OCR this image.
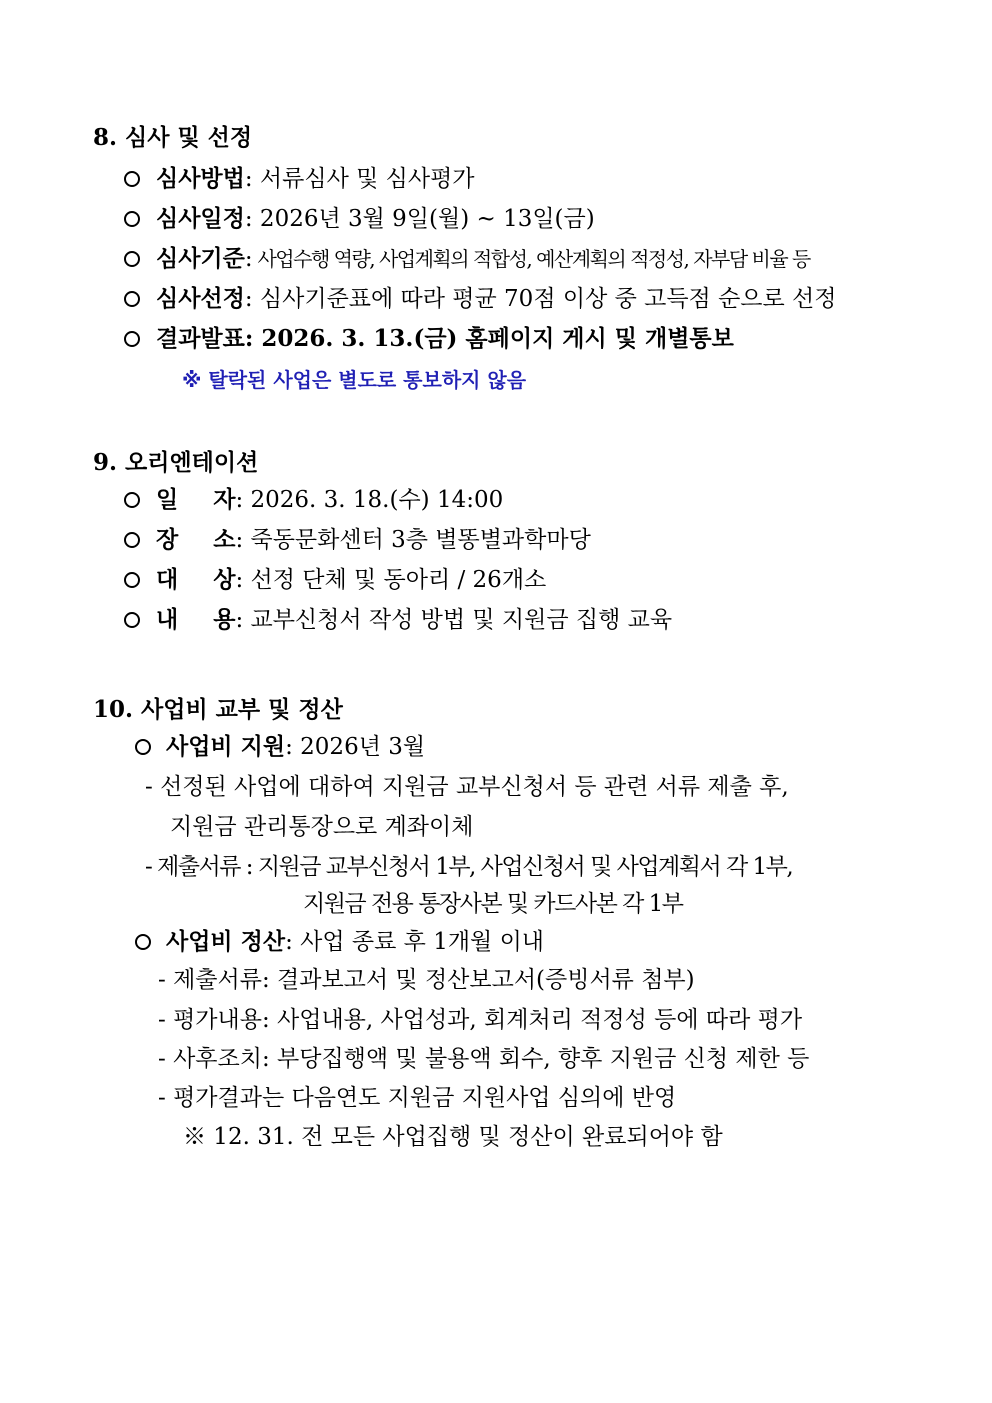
8. 심사 및 선정
심사방법: 서류심사 및 심사평가
심사일정: 2026년 3월 9일(월) ~ 13일(금)
심사기준: 사업수행 역량, 사업계획의 적합성, 예산계획의 적정성, 자부담 비율 등
심사선정: 심사기준표에 따라 평균 70점 이상 중 고득점 순으로 선정
결과발표: 2026. 3. 13.(금) 홈페이지 게시 및 개별통보
※ 탈락된 사업은 별도로 통보하지 않음
9. 오리엔테이션
일 자: 2026. 3. 18.(수) 14:00
장 소: 죽동문화센터 3층 별똥별과학마당
대 상: 선정 단체 및 동아리 / 26개소
내 용: 교부신청서 작성 방법 및 지원금 집행 교육
10. 사업비 교부 및 정산
사업비 지원: 2026년 3월
- 선정된 사업에 대하여 지원금 교부신청서 등 관련 서류 제출 후,
지원금 관리통장으로 계좌이체
- 제출서류 : 지원금 교부신청서 1부, 사업신청서 및 사업계획서 각 1부,
지원금 전용 통장사본 및 카드사본 각 1부
사업비 정산: 사업 종료 후 1개월 이내
- 제출서류: 결과보고서 및 정산보고서(증빙서류 첨부)
- 평가내용: 사업내용, 사업성과, 회계처리 적정성 등에 따라 평가
- 사후조치: 부당집행액 및 불용액 회수, 향후 지원금 신청 제한 등
- 평가결과는 다음연도 지원금 지원사업 심의에 반영
※ 12. 31. 전 모든 사업집행 및 정산이 완료되어야 함
